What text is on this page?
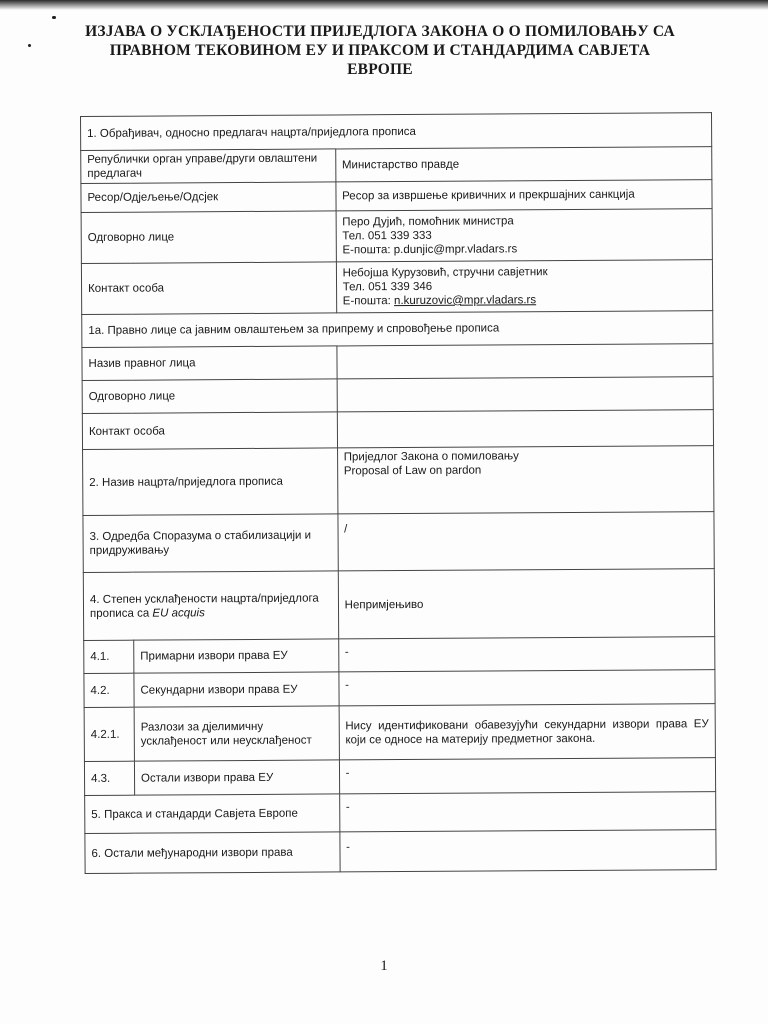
ИЗЈАВА О УСКЛАЂЕНОСТИ ПРИЈЕДЛОГА ЗАКОНА О О ПОМИЛОВАЊУ СА
ПРАВНОМ ТЕКОВИНОМ ЕУ И ПРАКСОМ И СТАНДАРДИМА САВЈЕТА
ЕВРОПЕ
1. Обрађивач, односно предлагач нацрта/приједлога прописа		
Републички орган управе/други овлаштени предлагач		Министарство правде
Ресор/Одјељење/Одсјек		Ресор за извршење кривичних и прекршајних санкција
Одговорно лице		Перо Дујић, помоћник министра
Тел. 051 339 333
Е-пошта: p.dunjic@mpr.vladars.rs

Контакт особа		Небојша Курузовић, стручни савјетник
Тел. 051 339 346
Е-пошта: n.kuruzovic@mpr.vladars.rs

1a. Правно лице са јавним овлаштењем за припрему и спровођење прописа		
Назив правног лица		
Одговорно лице		
Контакт особа		
2. Назив нацрта/приједлога прописа		Приједлог Закона о помиловању
Proposal of Law on pardon

3. Одредба Споразума о стабилизацији и придруживању		/
4. Степен усклађености нацрта/приједлога прописа са EU acquis		Непримјењиво
4.1.	Примарни извори права ЕУ	-
4.2.	Секундарни извори права ЕУ	-
4.2.1.	Разлози за дјелимичну усклађеност или неусклађеност	Нису идентификовани обавезујући секундарни извори права ЕУ који се односе на материју предметног закона.
4.3.	Остали извори права ЕУ	-
5. Пракса и стандарди Савјета Европе		-
6. Остали међународни извори права		-
1
